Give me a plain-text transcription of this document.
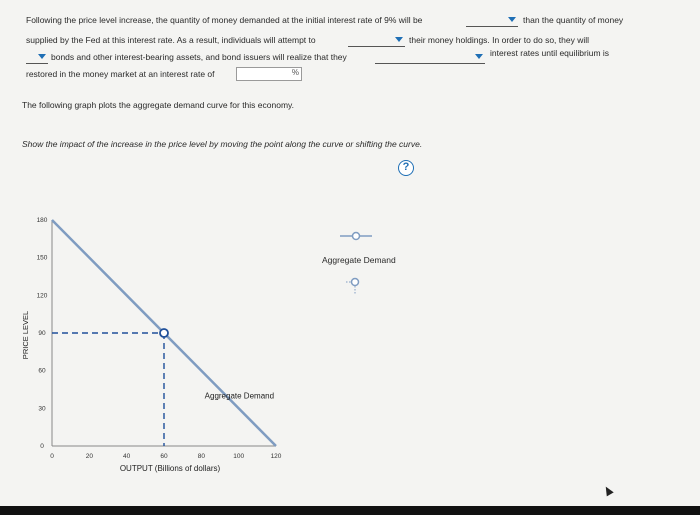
Following the price level increase, the quantity of money demanded at the initial interest rate of 9% will be	than the quantity of money
supplied by the Fed at this interest rate. As a result, individuals will attempt to	their money holdings. In order to do so, they will
bonds and other interest-bearing assets, and bond issuers will realize that they	interest rates until equilibrium is
restored in the money market at an interest rate of	%
The following graph plots the aggregate demand curve for this economy.
Show the impact of the increase in the price level by moving the point along the curve or shifting the curve.
?
0	20	40	60	80	100	120
0
30
60
90
120
150
180
OUTPUT (Billions of dollars)
PRICE LEVEL
Aggregate Demand
Aggregate Demand
